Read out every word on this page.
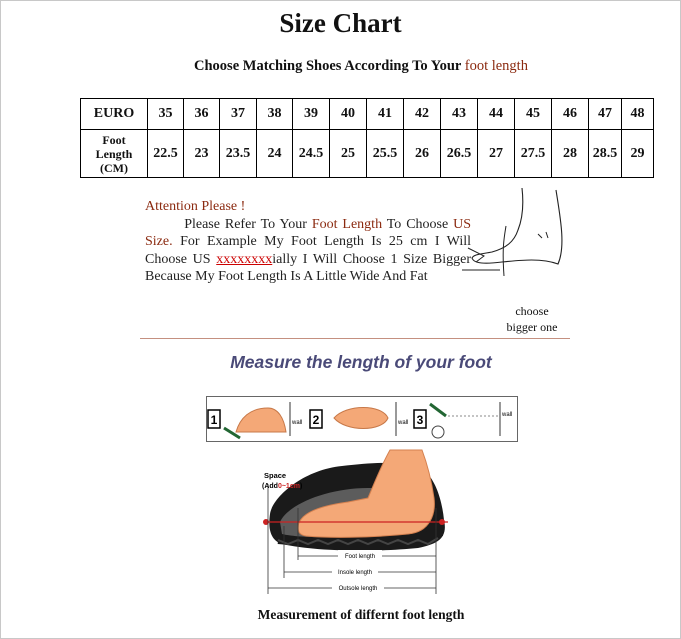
Size Chart
Choose Matching Shoes According To Your foot length
EURO	35	36	37	38	39	40	41	42	43	44	45	46	47	48

Foot
Length
(CM)	22.5	23	23.5	24	24.5	25	25.5	26	26.5	27	27.5	28	28.5	29
Attention Please !

Please Refer To Your Foot Length To Choose US Size. For Example My Foot Length Is 25 cm I Will Choose US xxxxxxxxially I Will Choose 1 Size Bigger Because My Foot Length Is A Little Wide And Fat

choose
bigger one
Measure the length of your foot
1	wall 2	wall 3	wall
Foot length
Insole length
Outsole length
Space
(Add0~1cm)
Measurement of differnt foot length
